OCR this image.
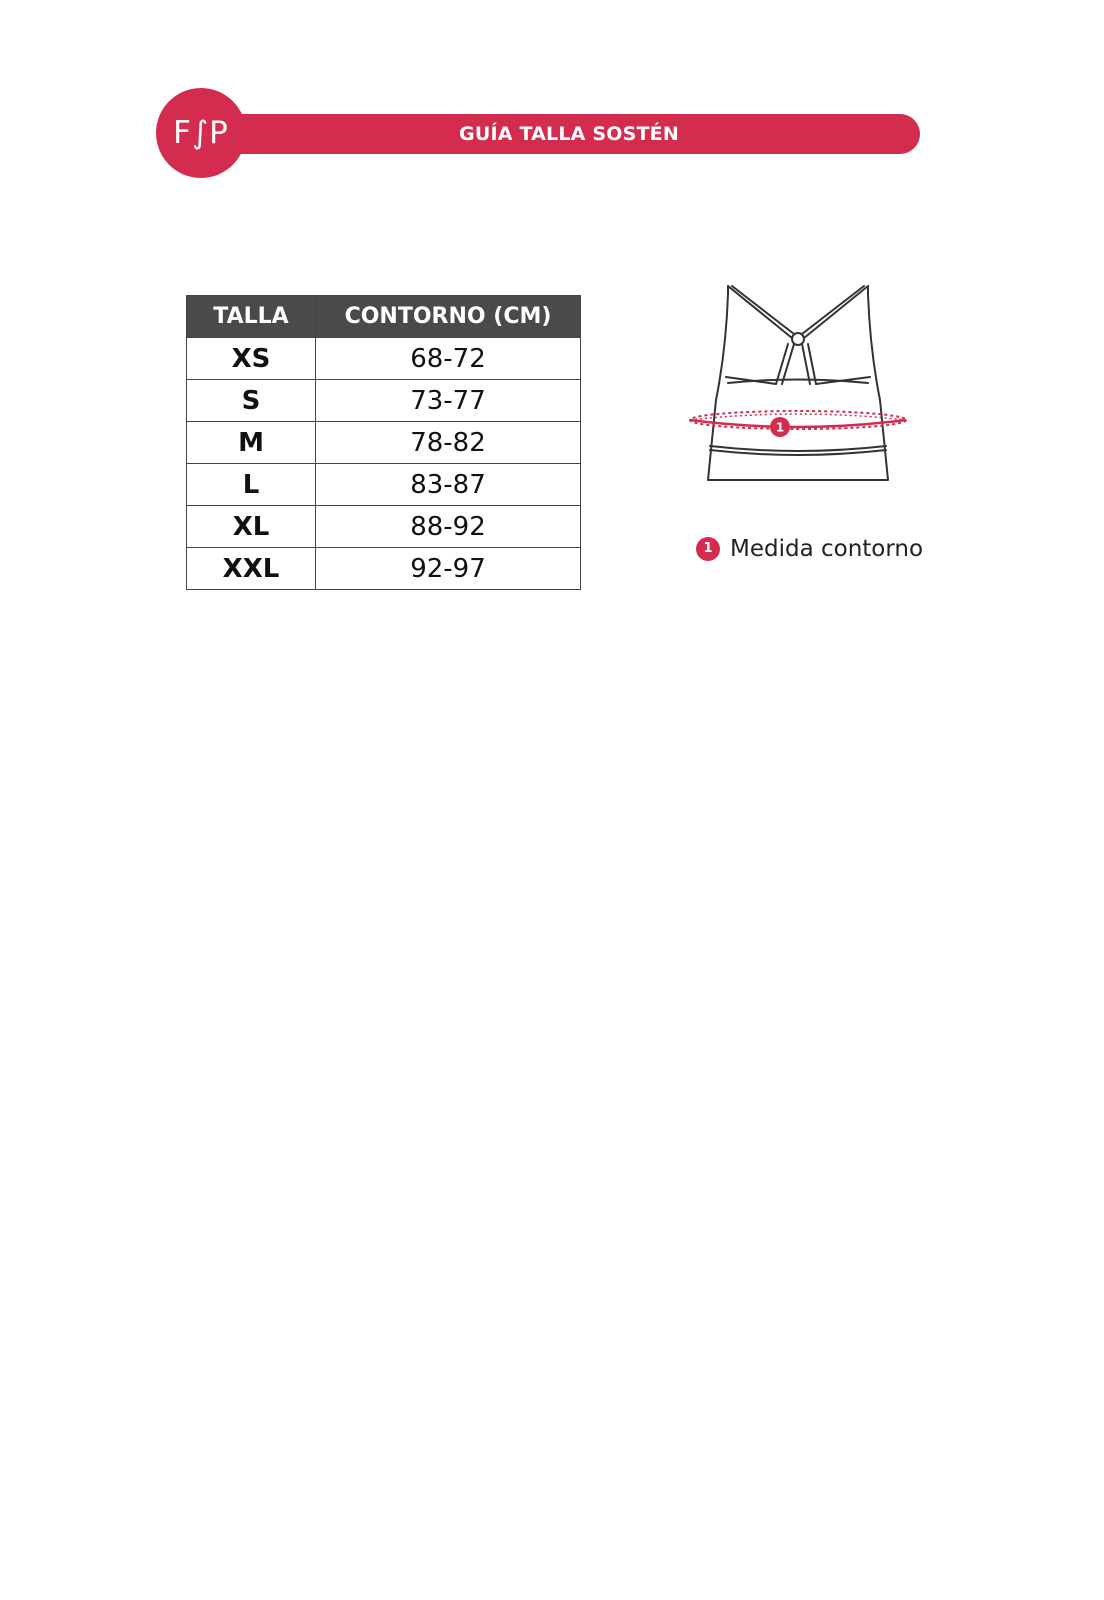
GUÍA TALLA SOSTÉN
F∫P
TALLA	CONTORNO (CM)
XS	68-72
S	73-77
M	78-82
L	83-87
XL	88-92
XXL	92-97
1
1 Medida contorno
